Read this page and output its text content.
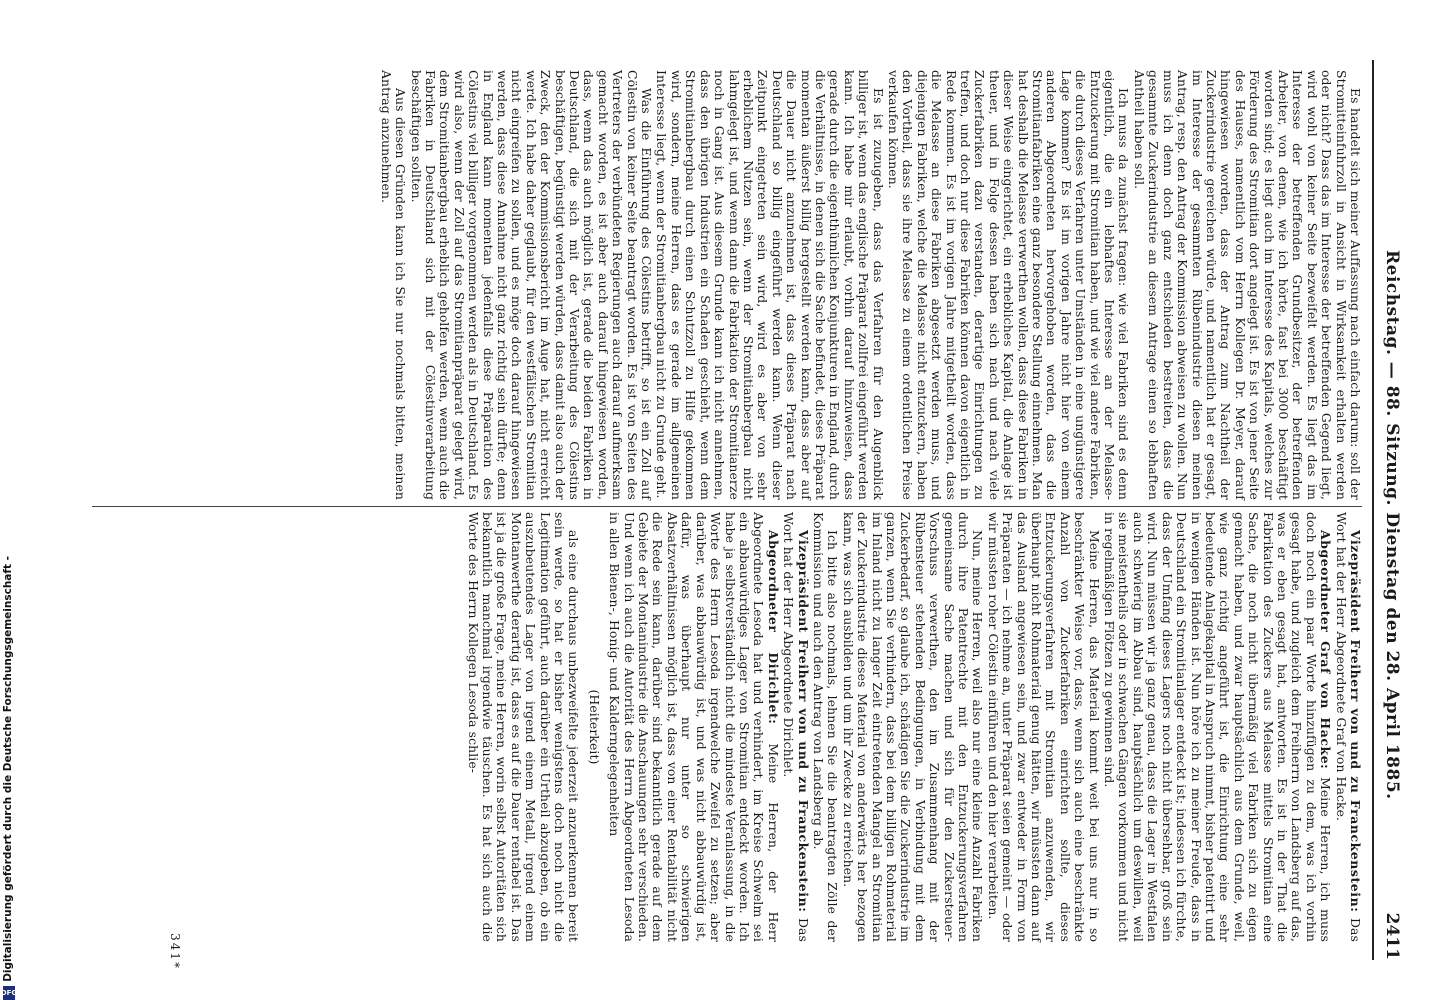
Digitalisierung gefördert durch die Deutsche Forschungsgemeinschaft -
DFG
Reichstag. — 88. Sitzung. Dienstag den 28. April 1885.
2411

Es handelt sich meiner Auffassung nach einfach darum: soll der Stromitteinfuhrzoll in Ansicht in Wirksamkeit erhalten werden oder nicht? Dass das im Interesse der betreffenden Gegend liegt, wird wohl von keiner Seite bezweifelt werden. Es liegt das im Interesse der betreffenden Grundbesitzer, der betreffenden Arbeiter, von denen, wie ich hörte, fast bei 3000 beschäftigt worden sind; es liegt auch im Interesse des Kapitals, welches zur Förderung des Stromitian dort angelegt ist. Es ist von jener Seite des Hauses, namentlich vom Herrn Kollegen Dr. Meyer, darauf hingewiesen worden, dass der Antrag zum Nachtheil der Zuckerindustrie gereichen würde, und namentlich hat er gesagt, im Interesse der gesammten Rübenindustrie diesen meinen Antrag, resp. den Antrag der Kommission abweisen zu wollen. Nun muss ich denn doch ganz entschieden bestreiten, dass die gesammte Zuckerindustrie an diesem Antrage einen so lebhaften Antheil haben soll.

Ich muss da zunächst fragen: wie viel Fabriken sind es denn eigentlich, die ein lebhaftes Interesse an der Melasse-Entzuckerung mit Stromitian haben, und wie viel andere Fabriken, die durch dieses Verfahren unter Umständen in eine ungünstigere Lage kommen? Es ist im vorigen Jahre nicht hier von einem anderen Abgeordneten hervorgehoben worden, dass die Stromitianfabriken eine ganz besondere Stellung einnehmen. Man hat deshalb die Melasse verwerthen wollen, dass diese Fabriken in dieser Weise eingerichtet, ein erhebliches Kapital, die Anlage ist theuer, und in Folge dessen haben sich nach und nach viele Zuckerfabriken dazu verstanden, derartige Einrichtungen zu treffen, und doch nur diese Fabriken können davon eigentlich in Rede kommen. Es ist im vorigen Jahre mitgetheilt worden, dass die Melasse an diese Fabriken abgesetzt werden muss, und diejenigen Fabriken, welche die Melasse nicht entzuckern, haben den Vortheil, dass sie ihre Melasse zu einem ordentlichen Preise verkaufen können.

Es ist zuzugeben, dass das Verfahren für den Augenblick billiger ist, wenn das englische Präparat zollfrei eingeführt werden kann. Ich habe mir erlaubt, vorhin darauf hinzuweisen, dass gerade durch die eigenthümlichen Konjunkturen in England, durch die Verhältnisse, in denen sich die Sache befindet, dieses Präparat momentan äußerst billig hergestellt werden kann, dass aber auf die Dauer nicht anzunehmen ist, dass dieses Präparat nach Deutschland so billig eingeführt werden kann. Wenn dieser Zeitpunkt eingetreten sein wird, wird es aber von sehr erheblichem Nutzen sein, wenn der Stromitianbergbau nicht lahmgelegt ist, und wenn dann die Fabrikation der Stromitianerze noch in Gang ist. Aus diesem Grunde kann ich nicht annehmen, dass den übrigen Industrien ein Schaden geschieht, wenn dem Stromitianbergbau durch einen Schutzzoll zu Hilfe gekommen wird, sondern, meine Herren, dass es gerade im allgemeinen Interesse liegt, wenn der Stromitianbergbau nicht zu Grunde geht.

Was die Einführung des Cölestins betrifft, so ist ein Zoll auf Cölestin von keiner Seite beantragt worden. Es ist von Seiten des Vertreters der verbündeten Regierungen auch darauf aufmerksam gemacht worden, es ist aber auch darauf hingewiesen worden, dass, wenn das auch möglich ist, gerade die beiden Fabriken in Deutschland, die sich mit der Verarbeitung des Cölestins beschäftigen, begünstigt werden würden, dass damit also auch der Zweck, den der Kommissionsbericht im Auge hat, nicht erreicht werde. Ich habe daher geglaubt, für den westfälischen Stromitian nicht eingreifen zu sollen, und es möge doch darauf hingewiesen werden, dass diese Annahme nicht ganz richtig sein dürfte; denn in England kann momentan jedenfalls diese Präparation des Cölestins viel billiger vorgenommen werden als in Deutschland. Es wird also, wenn der Zoll auf das Stromitianpräparat gelegt wird, dem Stromitianbergbau erheblich geholfen werden, wenn auch die Fabriken in Deutschland sich mit der Cölestinverarbeitung beschäftigen sollten.

Aus diesen Gründen kann ich Sie nur nochmals bitten, meinen Antrag anzunehmen.

Vizepräsident Freiherr von und zu Franckenstein: Das Wort hat der Herr Abgeordnete Graf von Hacke.

Abgeordneter Graf von Hacke: Meine Herren, ich muss doch noch ein paar Worte hinzufügen zu dem, was ich vorhin gesagt habe, und zugleich dem Freiherrn von Landsberg auf das, was er eben gesagt hat, antworten. Es ist in der That die Fabrikation des Zuckers aus Melasse mittels Stromitian eine Sache, die noch nicht übermäßig viel Fabriken sich zu eigen gemacht haben, und zwar hauptsächlich aus dem Grunde, weil, wie ganz richtig angeführt ist, die Einrichtung eine sehr bedeutende Anlagekapital in Anspruch nimmt, bisher patentirt und in wenigen Händen ist. Nun höre ich zu meiner Freude, dass in Deutschland ein Stromitianlager entdeckt ist; indessen ich fürchte, dass der Umfang dieses Lagers noch nicht übersehbar, groß sein wird. Nun müssen wir ja ganz genau, dass die Lager in Westfalen auch schwierig im Abbau sind, hauptsächlich um deswillen, weil sie meistentheils oder in schwachen Gängen vorkommen und nicht in regelmäßigen Flötzen zu gewinnen sind.

Meine Herren, das Material kommt weit bei uns nur in so beschränkter Weise vor, dass, wenn sich auch eine beschränkte Anzahl von Zuckerfabriken einrichten sollte, dieses Entzuckerungsverfahren mit Stromitian anzuwenden, wir überhaupt nicht Rohmaterial genug hätten, wir müssten dann auf das Ausland angewiesen sein, und zwar entweder in Form von Präparaten — ich nehme an, unter Präparat seien gemeint — oder wir müssten roher Cölestin einführen und den hier verarbeiten.

Nun, meine Herren, weil also nur eine kleine Anzahl Fabriken durch ihre Patentrechte mit den Entzuckerungsverfahren gemeinsame Sache machen und sich für den Zuckersteuer-Vorschuss verwerthen, den im Zusammenhang mit der Rübensteuer stehenden Bedingungen, in Verbindung mit dem Zuckerbedarf, so glaube ich, schädigen Sie die Zuckerindustrie im ganzen, wenn Sie verhindern, dass bei dem billigen Rohmaterial im Inland nicht zu langer Zeit eintretenden Mangel an Stromitian der Zuckerindustrie dieses Material von anderwärts her bezogen kann, was sich ausbilden und um ihr Zwecke zu erreichen.

Ich bitte also nochmals, lehnen Sie die beantragten Zölle der Kommission und auch den Antrag von Landsberg ab.

Vizepräsident Freiherr von und zu Franckenstein: Das Wort hat der Herr Abgeordnete Dirichlet.

Abgeordneter Dirichlet: Meine Herren, der Herr Abgeordnete Lesoda hat und verhindert, im Kreise Schwelm sei ein abbauwürdiges Lager von Stromitian entdeckt worden. Ich habe ja selbstverständlich nicht die mindeste Veranlassung, in die Worte des Herrn Lesoda irgendwelche Zweifel zu setzen; aber darüber, was abbauwürdig ist, und was nicht abbauwürdig ist, dafür, was überhaupt nur unter so schwierigen Absatzverhältnissen möglich ist, dass von einer Rentabilität nicht die Rede sein kann, darüber sind bekanntlich gerade auf dem Gebiete der Montanindustrie die Anschauungen sehr verschieden. Und wenn ich auch die Autorität des Herrn Abgeordneten Lesoda in allen Bienen-, Honig- und Kalderngelegenheiten

(Heiterkeit)

als eine durchaus unbezweifelte jederzeit anzuerkennen bereit sein werde, so hat er bisher wenigstens doch noch nicht die Legitimation geführt, auch darüber ein Urtheil abzugeben, ob ein auszubeutendes Lager von irgend einem Metall, irgend einem Montanwerthe derartig ist, dass es auf die Dauer rentabel ist. Das ist ja die große Frage, meine Herren, worin selbst Autoritäten sich bekanntlich manchmal irgendwie täuschen. Es hat sich auch die Worte des Herrn Kollegen Lesoda schlie-

341*
